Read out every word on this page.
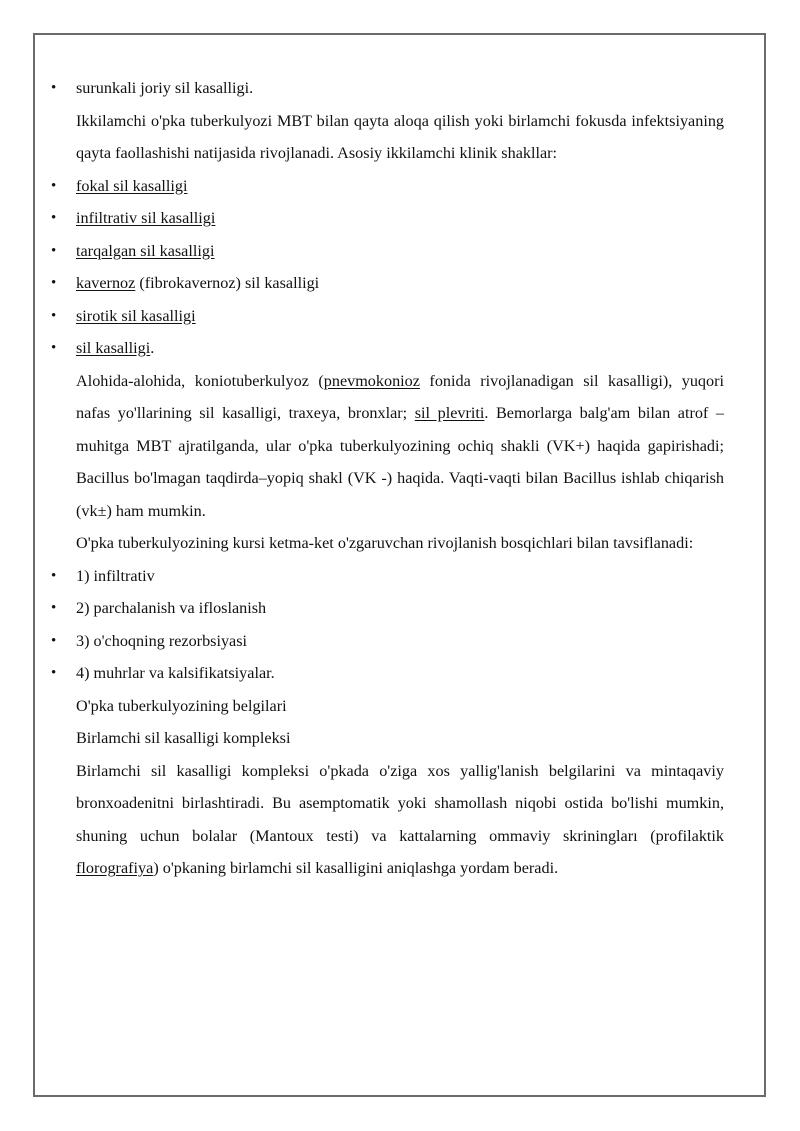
• surunkali joriy sil kasalligi.

Ikkilamchi o'pka tuberkulyozi MBT bilan qayta aloqa qilish yoki birlamchi fokusda infektsiyaning qayta faollashishi natijasida rivojlanadi. Asosiy ikkilamchi klinik shakllar:

• fokal sil kasalligi
• infiltrativ sil kasalligi
• tarqalgan sil kasalligi
• kavernoz (fibrokavernoz) sil kasalligi
• sirotik sil kasalligi
• sil kasalligi.

Alohida-alohida, koniotuberkulyoz (pnevmokonioz fonida rivojlanadigan sil kasalligi), yuqori nafas yo'llarining sil kasalligi, traxeya, bronxlar; sil plevriti. Bemorlarga balg'am bilan atrof – muhitga MBT ajratilganda, ular o'pka tuberkulyozining ochiq shakli (VK+) haqida gapirishadi; Bacillus bo'lmagan taqdirda–yopiq shakl (VK -) haqida. Vaqti-vaqti bilan Bacillus ishlab chiqarish (vk±) ham mumkin.

O'pka tuberkulyozining kursi ketma-ket o'zgaruvchan rivojlanish bosqichlari bilan tavsiflanadi:

• 1) infiltrativ
• 2) parchalanish va ifloslanish
• 3) o'choqning rezorbsiyasi
• 4) muhrlar va kalsifikatsiyalar.
O'pka tuberkulyozining belgilari
Birlamchi sil kasalligi kompleksi

Birlamchi sil kasalligi kompleksi o'pkada o'ziga xos yallig'lanish belgilarini va mintaqaviy bronxoadenitni birlashtiradi. Bu asemptomatik yoki shamollash niqobi ostida bo'lishi mumkin, shuning uchun bolalar (Mantoux testi) va kattalarning ommaviy skriningları (profilaktik florografiya) o'pkaning birlamchi sil kasalligini aniqlashga yordam beradi.
